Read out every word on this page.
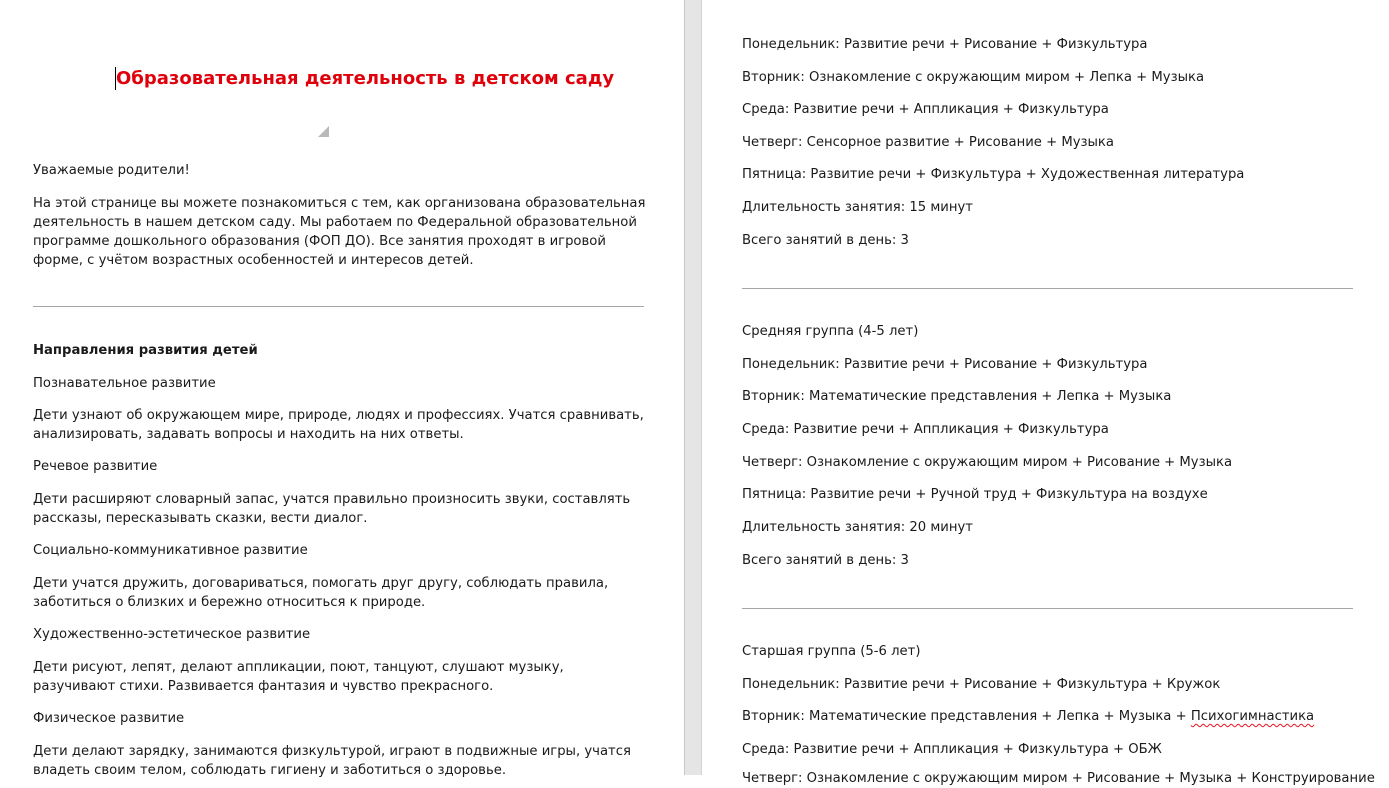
Образовательная деятельность в детском саду
Уважаемые родители!
На этой странице вы можете познакомиться с тем, как организована образовательная деятельность в нашем детском саду. Мы работаем по Федеральной образовательной программе дошкольного образования (ФОП ДО). Все занятия проходят в игровой форме, с учётом возрастных особенностей и интересов детей.
Направления развития детей
Познавательное развитие
Дети узнают об окружающем мире, природе, людях и профессиях. Учатся сравнивать, анализировать, задавать вопросы и находить на них ответы.
Речевое развитие
Дети расширяют словарный запас, учатся правильно произносить звуки, составлять рассказы, пересказывать сказки, вести диалог.
Социально-коммуникативное развитие
Дети учатся дружить, договариваться, помогать друг другу, соблюдать правила, заботиться о близких и бережно относиться к природе.
Художественно-эстетическое развитие
Дети рисуют, лепят, делают аппликации, поют, танцуют, слушают музыку, разучивают стихи. Развивается фантазия и чувство прекрасного.
Физическое развитие
Дети делают зарядку, занимаются физкультурой, играют в подвижные игры, учатся владеть своим телом, соблюдать гигиену и заботиться о здоровье.
Понедельник: Развитие речи + Рисование + Физкультура
Вторник: Ознакомление с окружающим миром + Лепка + Музыка
Среда: Развитие речи + Аппликация + Физкультура
Четверг: Сенсорное развитие + Рисование + Музыка
Пятница: Развитие речи + Физкультура + Художественная литература
Длительность занятия: 15 минут
Всего занятий в день: 3
Средняя группа (4-5 лет)
Понедельник: Развитие речи + Рисование + Физкультура
Вторник: Математические представления + Лепка + Музыка
Среда: Развитие речи + Аппликация + Физкультура
Четверг: Ознакомление с окружающим миром + Рисование + Музыка
Пятница: Развитие речи + Ручной труд + Физкультура на воздухе
Длительность занятия: 20 минут
Всего занятий в день: 3
Старшая группа (5-6 лет)
Понедельник: Развитие речи + Рисование + Физкультура + Кружок
Вторник: Математические представления + Лепка + Музыка + Психогимнастика
Среда: Развитие речи + Аппликация + Физкультура + ОБЖ
Четверг: Ознакомление с окружающим миром + Рисование + Музыка + Конструирование
